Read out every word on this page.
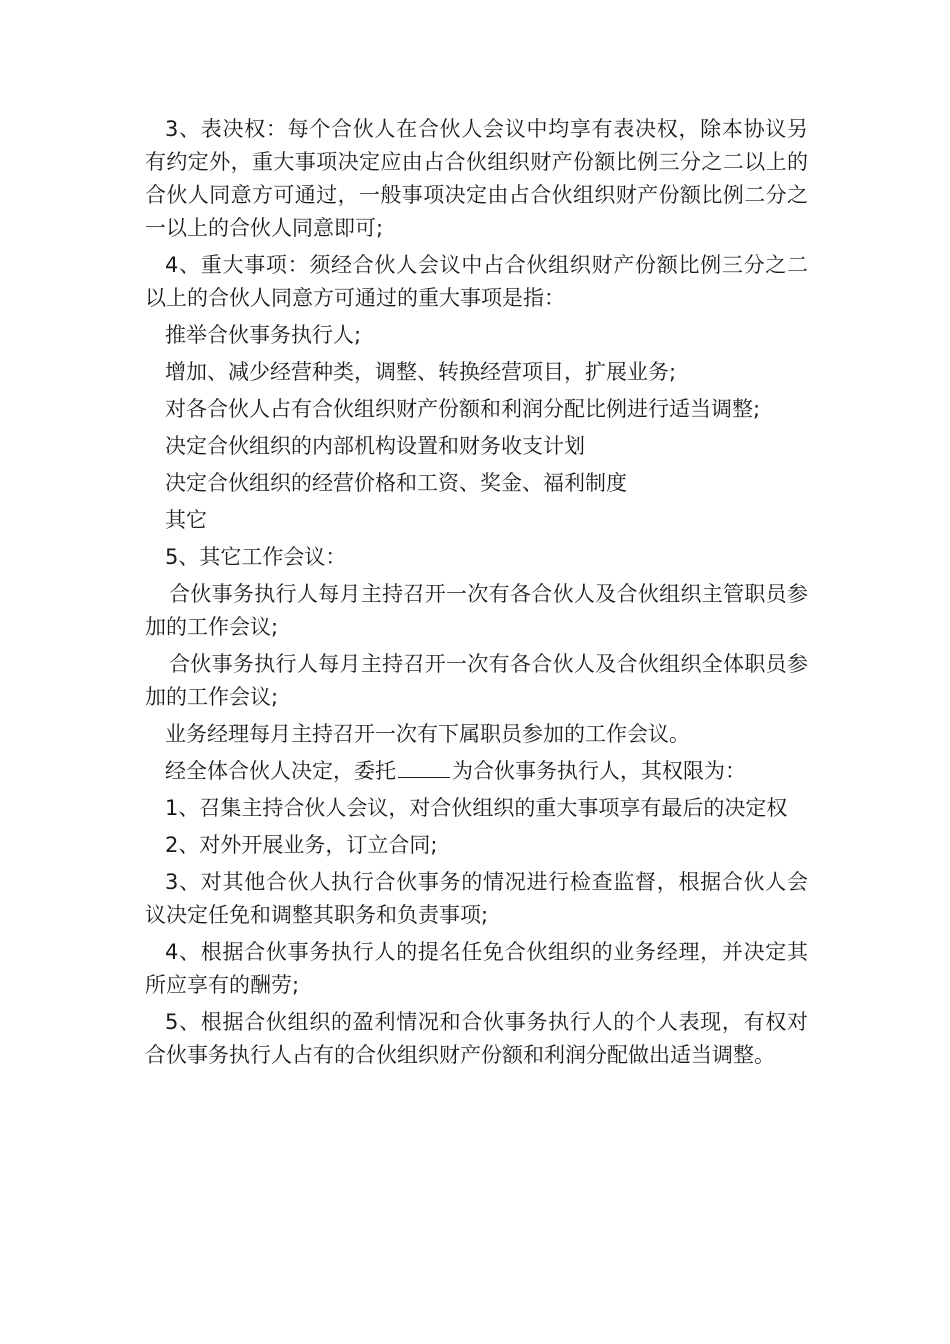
3、表决权：每个合伙人在合伙人会议中均享有表决权，除本协议另有约定外，重大事项决定应由占合伙组织财产份额比例三分之二以上的合伙人同意方可通过，一般事项决定由占合伙组织财产份额比例二分之一以上的合伙人同意即可;

4、重大事项：须经合伙人会议中占合伙组织财产份额比例三分之二以上的合伙人同意方可通过的重大事项是指：

推举合伙事务执行人;

增加、减少经营种类，调整、转换经营项目，扩展业务;

对各合伙人占有合伙组织财产份额和利润分配比例进行适当调整;

决定合伙组织的内部机构设置和财务收支计划

决定合伙组织的经营价格和工资、奖金、福利制度

其它

5、其它工作会议：

合伙事务执行人每月主持召开一次有各合伙人及合伙组织主管职员参加的工作会议;

合伙事务执行人每月主持召开一次有各合伙人及合伙组织全体职员参加的工作会议;

业务经理每月主持召开一次有下属职员参加的工作会议。

经全体合伙人决定，委托	为合伙事务执行人，其权限为：

1、召集主持合伙人会议，对合伙组织的重大事项享有最后的决定权

2、对外开展业务，订立合同;

3、对其他合伙人执行合伙事务的情况进行检查监督，根据合伙人会议决定任免和调整其职务和负责事项;

4、根据合伙事务执行人的提名任免合伙组织的业务经理，并决定其所应享有的酬劳;

5、根据合伙组织的盈利情况和合伙事务执行人的个人表现，有权对合伙事务执行人占有的合伙组织财产份额和利润分配做出适当调整。
